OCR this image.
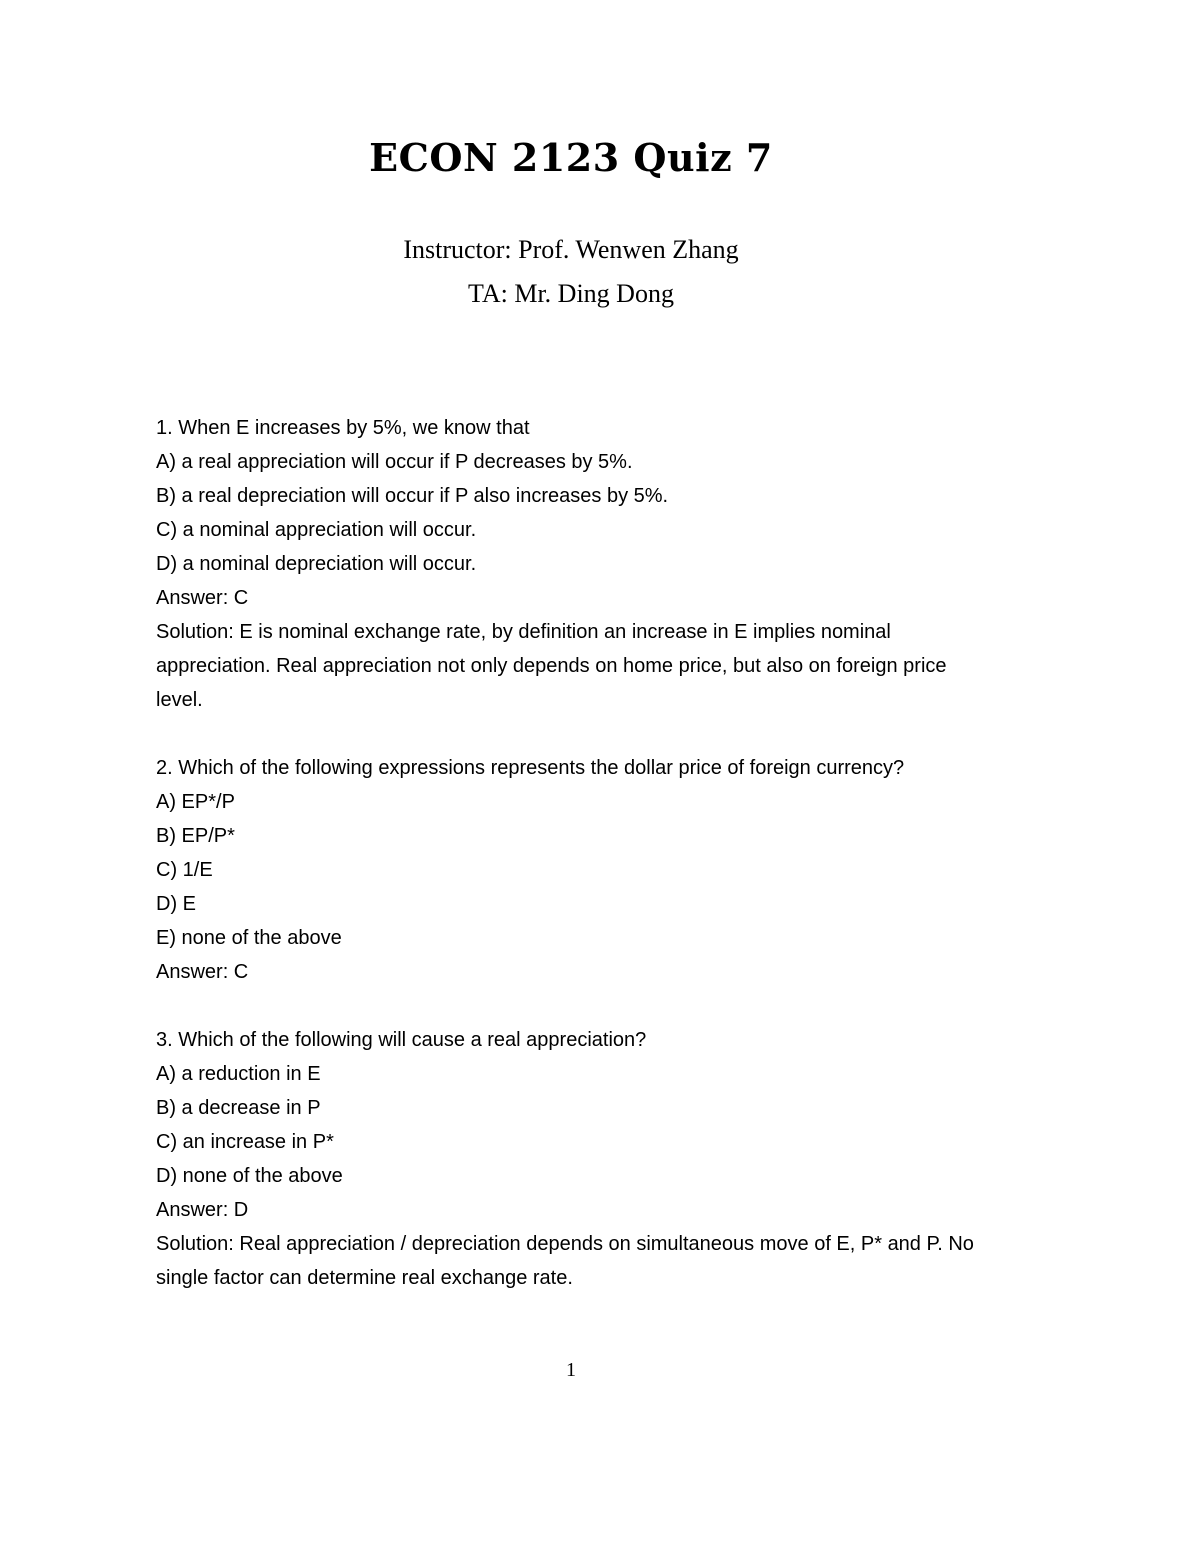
ECON 2123 Quiz 7
Instructor: Prof. Wenwen Zhang
TA: Mr. Ding Dong

1. When E increases by 5%, we know that

A) a real appreciation will occur if P decreases by 5%.

B) a real depreciation will occur if P also increases by 5%.

C) a nominal appreciation will occur.

D) a nominal depreciation will occur.

Answer: C

Solution: E is nominal exchange rate, by definition an increase in E implies nominal appreciation. Real appreciation not only depends on home price, but also on foreign price level.

2. Which of the following expressions represents the dollar price of foreign currency?

A) EP*/P

B) EP/P*

C) 1/E

D) E

E) none of the above

Answer: C

3. Which of the following will cause a real appreciation?

A) a reduction in E

B) a decrease in P

C) an increase in P*

D) none of the above

Answer: D

Solution: Real appreciation / depreciation depends on simultaneous move of E, P* and P. No single factor can determine real exchange rate.

1
